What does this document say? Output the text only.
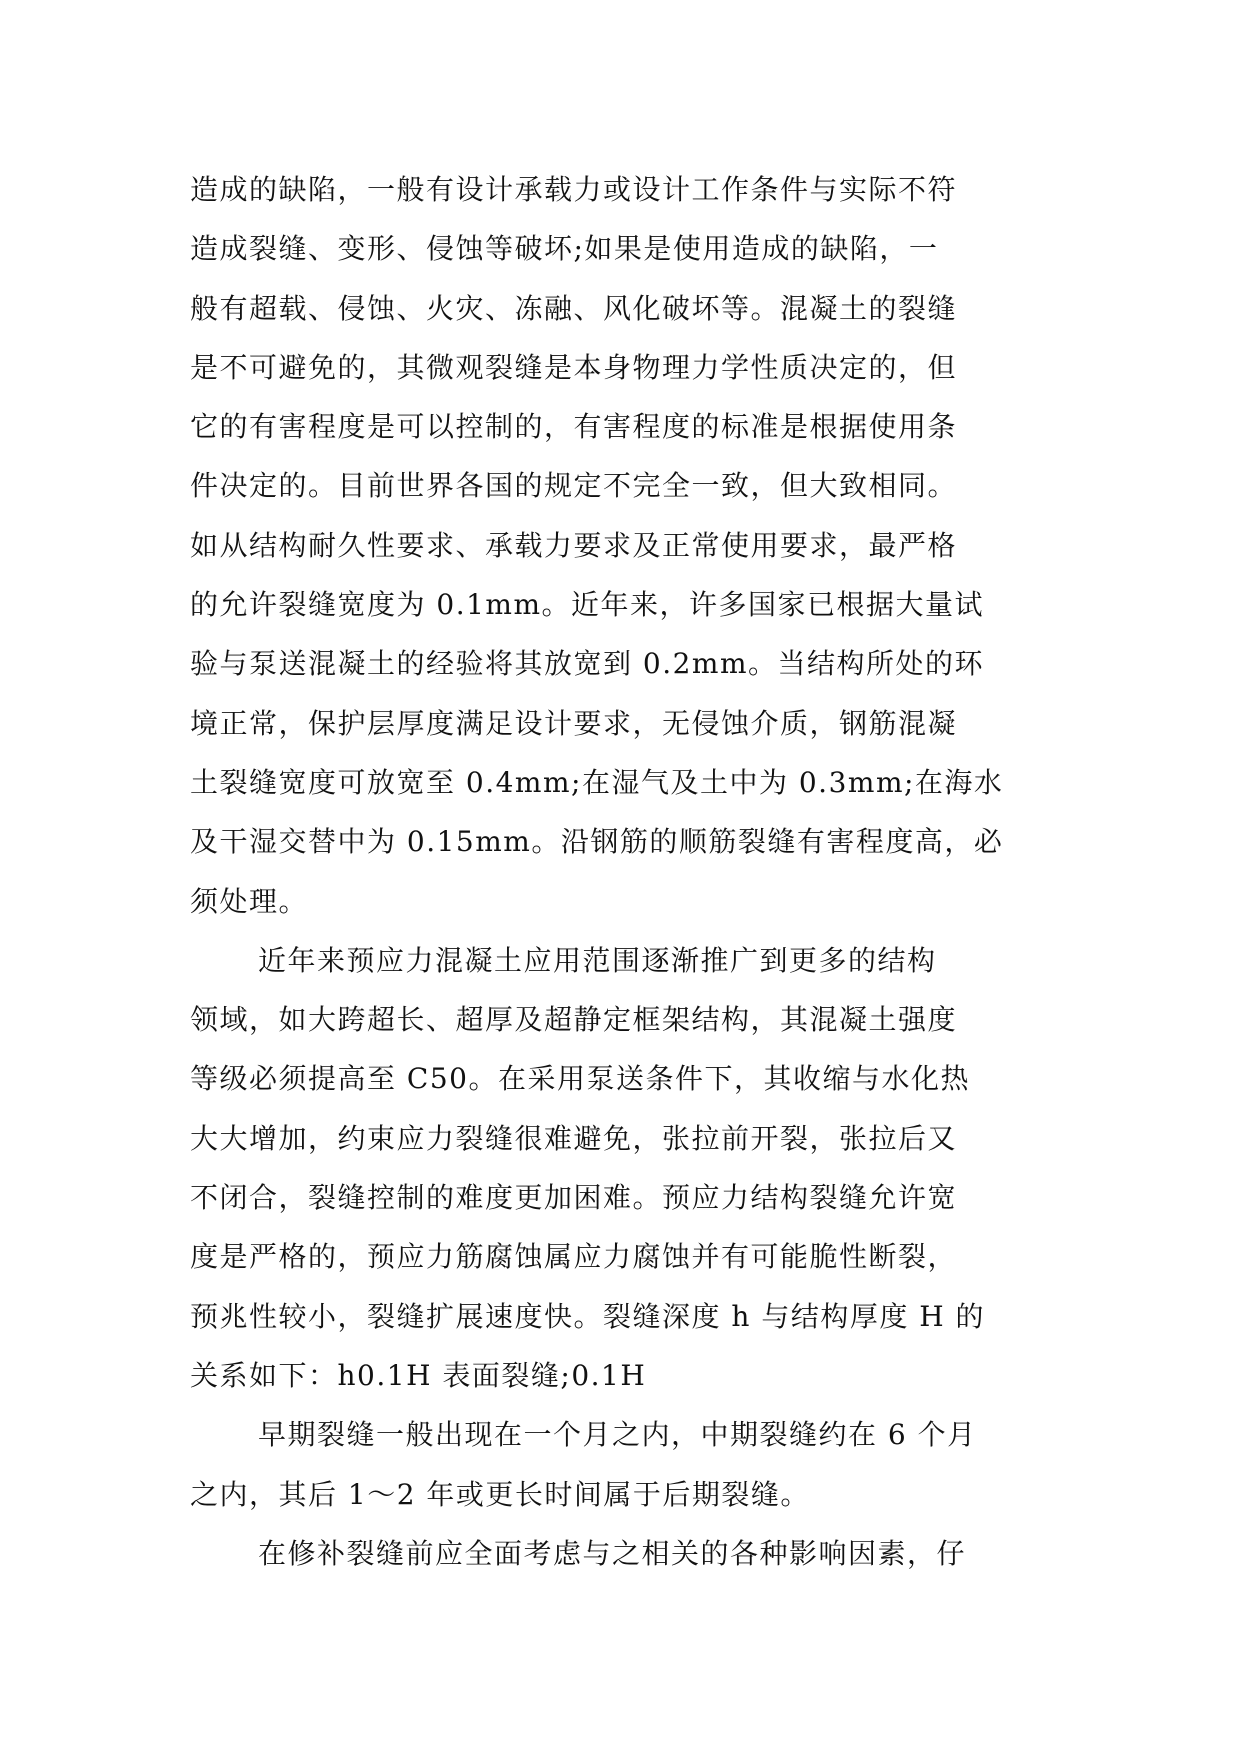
造成的缺陷，一般有设计承载力或设计工作条件与实际不符
造成裂缝、变形、侵蚀等破坏;如果是使用造成的缺陷，一
般有超载、侵蚀、火灾、冻融、风化破坏等。混凝土的裂缝
是不可避免的，其微观裂缝是本身物理力学性质决定的，但
它的有害程度是可以控制的，有害程度的标准是根据使用条
件决定的。目前世界各国的规定不完全一致，但大致相同。
如从结构耐久性要求、承载力要求及正常使用要求，最严格
的允许裂缝宽度为 0.1mm。近年来，许多国家已根据大量试
验与泵送混凝土的经验将其放宽到 0.2mm。当结构所处的环
境正常，保护层厚度满足设计要求，无侵蚀介质，钢筋混凝
土裂缝宽度可放宽至 0.4mm;在湿气及土中为 0.3mm;在海水
及干湿交替中为 0.15mm。沿钢筋的顺筋裂缝有害程度高，必
须处理。
近年来预应力混凝土应用范围逐渐推广到更多的结构
领域，如大跨超长、超厚及超静定框架结构，其混凝土强度
等级必须提高至 C50。在采用泵送条件下，其收缩与水化热
大大增加，约束应力裂缝很难避免，张拉前开裂，张拉后又
不闭合，裂缝控制的难度更加困难。预应力结构裂缝允许宽
度是严格的，预应力筋腐蚀属应力腐蚀并有可能脆性断裂，
预兆性较小，裂缝扩展速度快。裂缝深度 h 与结构厚度 H 的
关系如下：h0.1H 表面裂缝;0.1H
早期裂缝一般出现在一个月之内，中期裂缝约在 6 个月
之内，其后 1～2 年或更长时间属于后期裂缝。
在修补裂缝前应全面考虑与之相关的各种影响因素，仔
